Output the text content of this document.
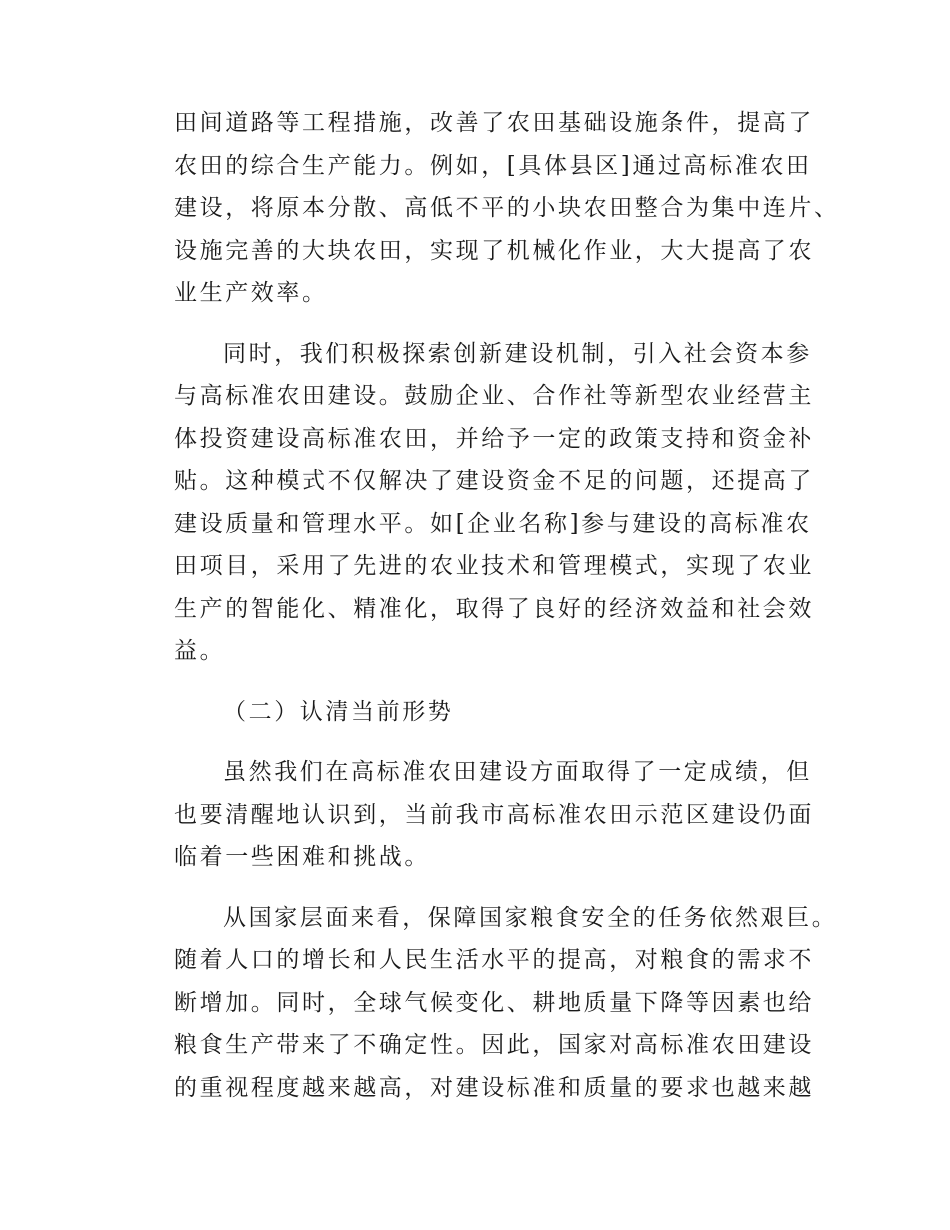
田间道路等工程措施，改善了农田基础设施条件，提高了
农田的综合生产能力。例如，[具体县区]通过高标准农田
建设，将原本分散、高低不平的小块农田整合为集中连片、
设施完善的大块农田，实现了机械化作业，大大提高了农
业生产效率。
同时，我们积极探索创新建设机制，引入社会资本参
与高标准农田建设。鼓励企业、合作社等新型农业经营主
体投资建设高标准农田，并给予一定的政策支持和资金补
贴。这种模式不仅解决了建设资金不足的问题，还提高了
建设质量和管理水平。如[企业名称]参与建设的高标准农
田项目，采用了先进的农业技术和管理模式，实现了农业
生产的智能化、精准化，取得了良好的经济效益和社会效
益。
（二）认清当前形势
虽然我们在高标准农田建设方面取得了一定成绩，但
也要清醒地认识到，当前我市高标准农田示范区建设仍面
临着一些困难和挑战。
从国家层面来看，保障国家粮食安全的任务依然艰巨。
随着人口的增长和人民生活水平的提高，对粮食的需求不
断增加。同时，全球气候变化、耕地质量下降等因素也给
粮食生产带来了不确定性。因此，国家对高标准农田建设
的重视程度越来越高，对建设标准和质量的要求也越来越
